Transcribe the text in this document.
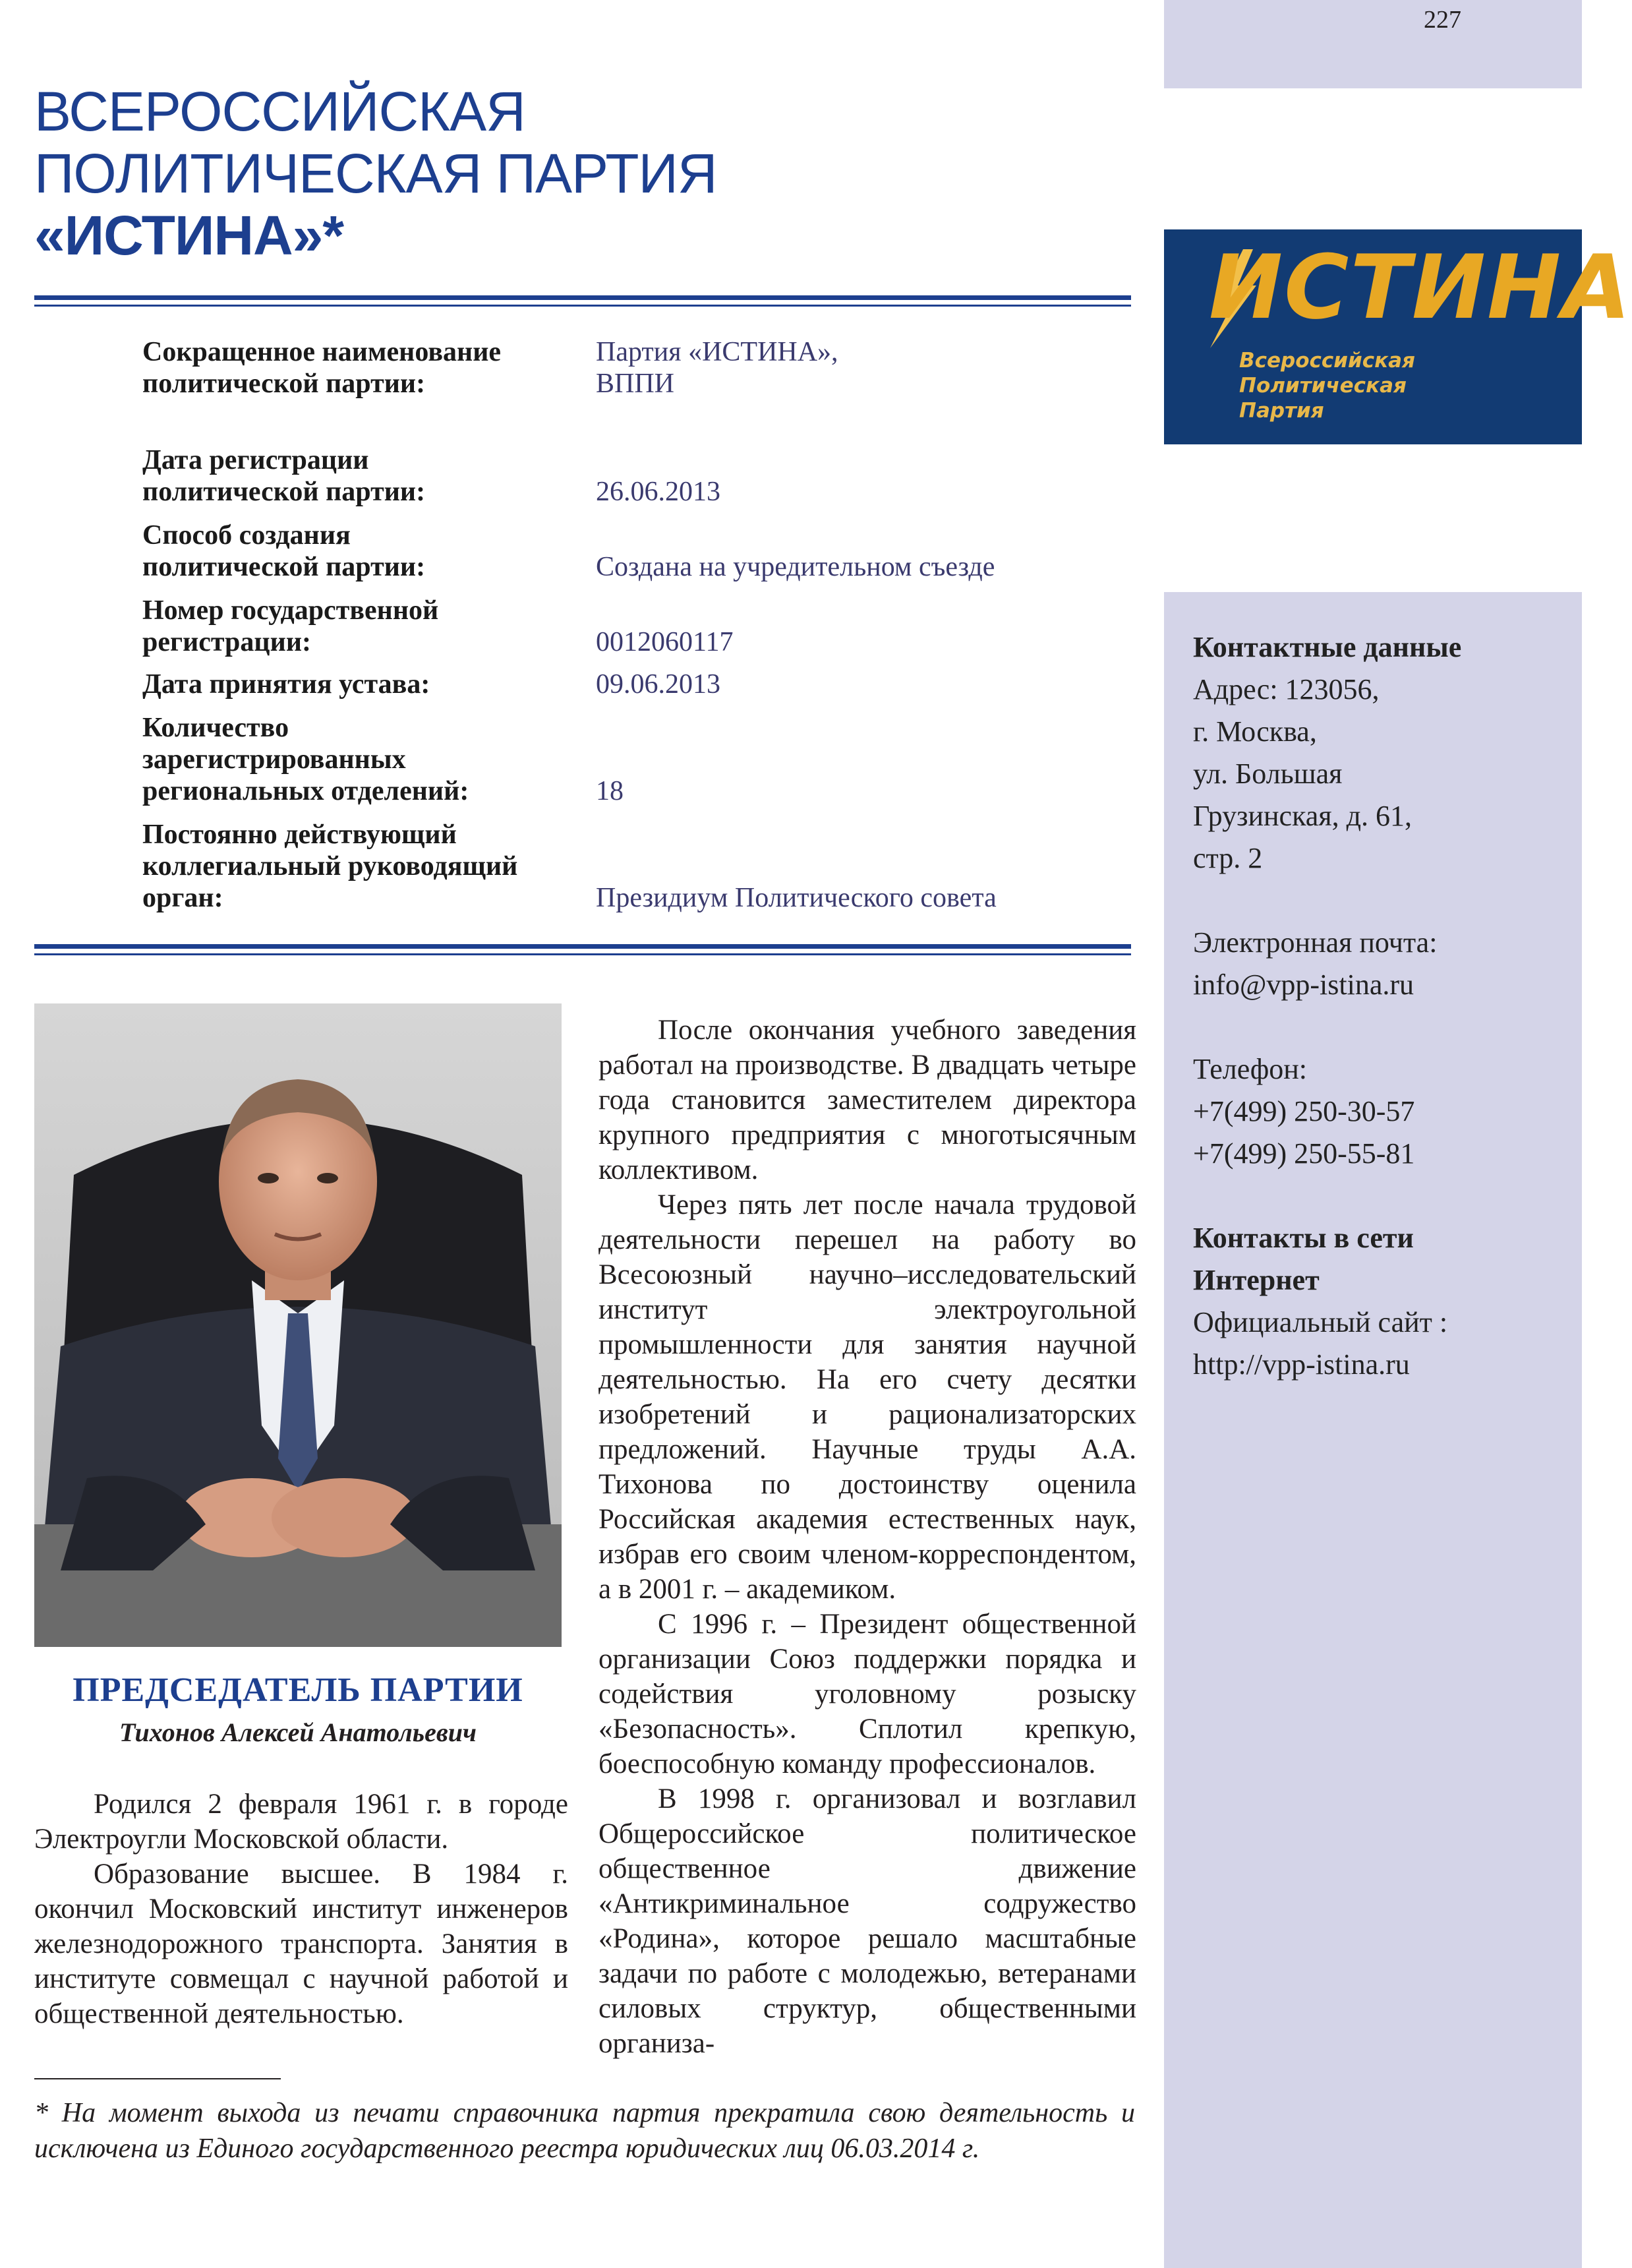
227
ИСТИНА
Всероссийская
Политическая
Партия
ВСЕРОССИЙСКАЯ
ПОЛИТИЧЕСКАЯ ПАРТИЯ
«ИСТИНА»*
Сокращенное наименование
политической партии:
Партия «ИСТИНА»,
ВППИ
Дата регистрации
политической партии:	26.06.2013
Способ создания
политической партии:	Создана на учредительном съезде
Номер государственной
регистрации:	0012060117
Дата принятия устава:	09.06.2013
Количество
зарегистрированных
региональных отделений:	18
Постоянно действующий
коллегиальный руководящий
орган:	Президиум Политического совета
ПРЕДСЕДАТЕЛЬ ПАРТИИ
Тихонов Алексей Анатольевич

Родился 2 февраля 1961 г. в городе Электроугли Московской области.

Образование высшее. В 1984 г. окончил Московский институт инженеров железнодорожного транспорта. Занятия в институте совмещал с научной работой и общественной деятельностью.

После окончания учебного заведения работал на производстве. В двадцать четыре года становится заместителем директора крупного предприятия с многотысячным коллективом.

Через пять лет после начала трудовой деятельности перешел на работу во Всесоюзный научно–исследовательский институт электроугольной промышленности для занятия научной деятельностью. На его счету десятки изобретений и рационализаторских предложений. Научные труды А.А. Тихонова по достоинству оценила Российская академия естественных наук, избрав его своим членом-корреспондентом, а в 2001 г. – академиком.

С 1996 г. – Президент общественной организации Союз поддержки порядка и содействия уголовному розыску «Безопасность». Сплотил крепкую, боеспособную команду профессионалов.

В 1998 г. организовал и возглавил Общероссийское политическое общественное движение «Антикриминальное содружество «Родина», которое решало масштабные задачи по работе с молодежью, ветеранами силовых структур, общественными организа-

Контактные данные
Адрес: 123056,
г. Москва,
ул. Большая
Грузинская, д. 61,
стр. 2
Электронная почта:
info@vpp-istina.ru
Телефон:
+7(499) 250-30-57
+7(499) 250-55-81
Контакты в сети
Интернет
Официальный сайт :
http://vpp-istina.ru
* На момент выхода из печати справочника партия прекратила свою деятельность и исключена из Единого государственного реестра юридических лиц 06.03.2014 г.
